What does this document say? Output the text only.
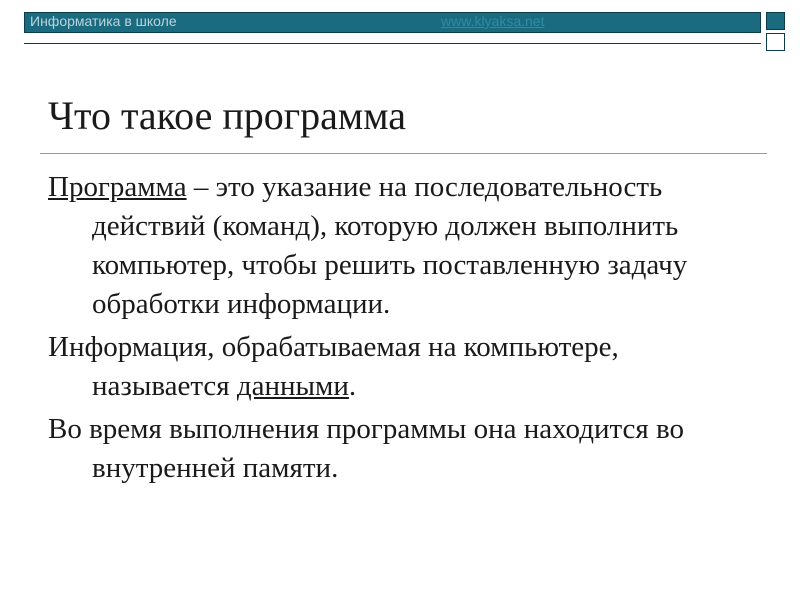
Информатика в школе	www.klyaksa.net
Что такое программа

Программа – это указание на последовательность действий (команд), которую должен выполнить компьютер, чтобы решить поставленную задачу обработки информации.

Информация, обрабатываемая на компьютере, называется данными.

Во время выполнения программы она находится во внутренней памяти.
